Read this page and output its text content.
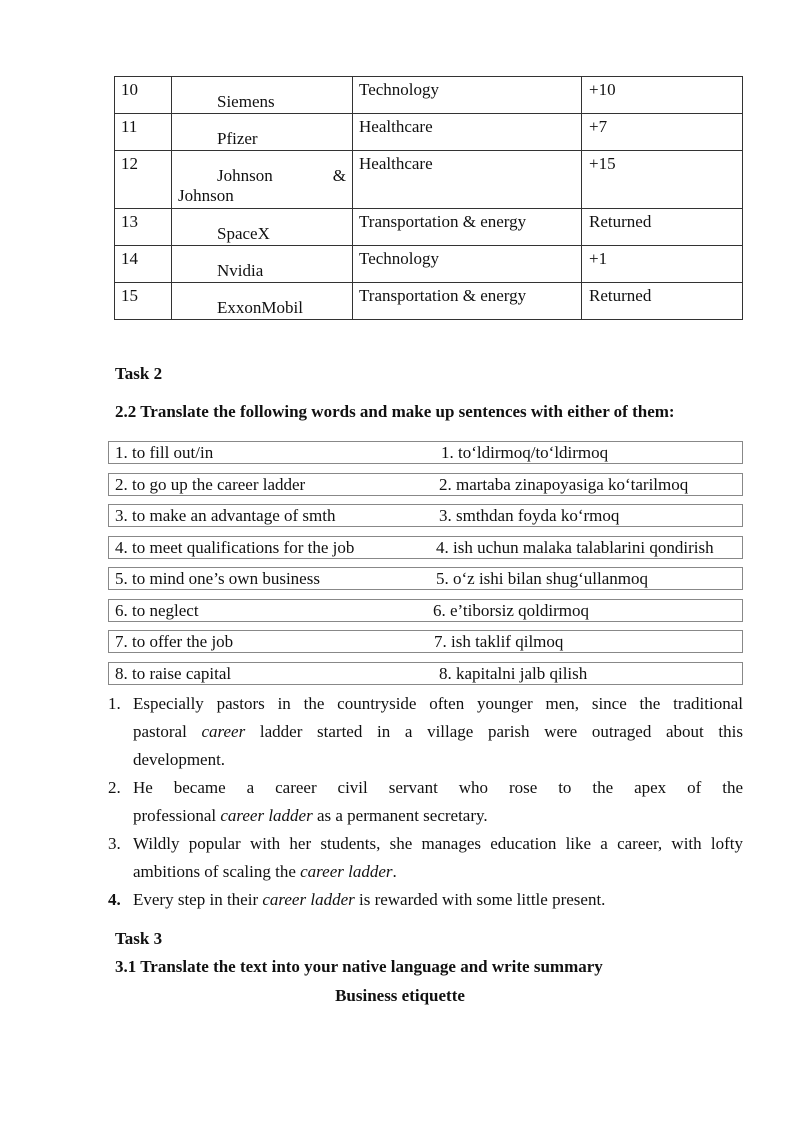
10	Siemens	Technology	+10
11	Pfizer	Healthcare	+7
12	Johnson &
Johnson	Healthcare	+15
13	SpaceX	Transportation & energy	Returned
14	Nvidia	Technology	+1
15	ExxonMobil	Transportation & energy	Returned
Task 2
2.2 Translate the following words and make up sentences with either of them:
1. to fill out/in	1. to‘ldirmoq/to‘ldirmoq
2. to go up the career ladder	2. martaba zinapoyasiga ko‘tarilmoq
3. to make an advantage of smth	3. smthdan foyda ko‘rmoq
4. to meet qualifications for the job	4. ish uchun malaka talablarini qondirish
5. to mind one’s own business	5. o‘z ishi bilan shug‘ullanmoq
6. to neglect	6. e’tiborsiz qoldirmoq
7. to offer the job	7. ish taklif qilmoq
8. to raise capital	8. kapitalni jalb qilish
1. Especially pastors in the countryside often younger men, since the traditional
pastoral career ladder started in a village parish were outraged about this
development.
2. He became a career civil servant who rose to the apex of the
professional career ladder as a permanent secretary.
3. Wildly popular with her students, she manages education like a career, with lofty
ambitions of scaling the career ladder.
4. Every step in their career ladder is rewarded with some little present.
Task 3
3.1 Translate the text into your native language and write summary
Business etiquette
